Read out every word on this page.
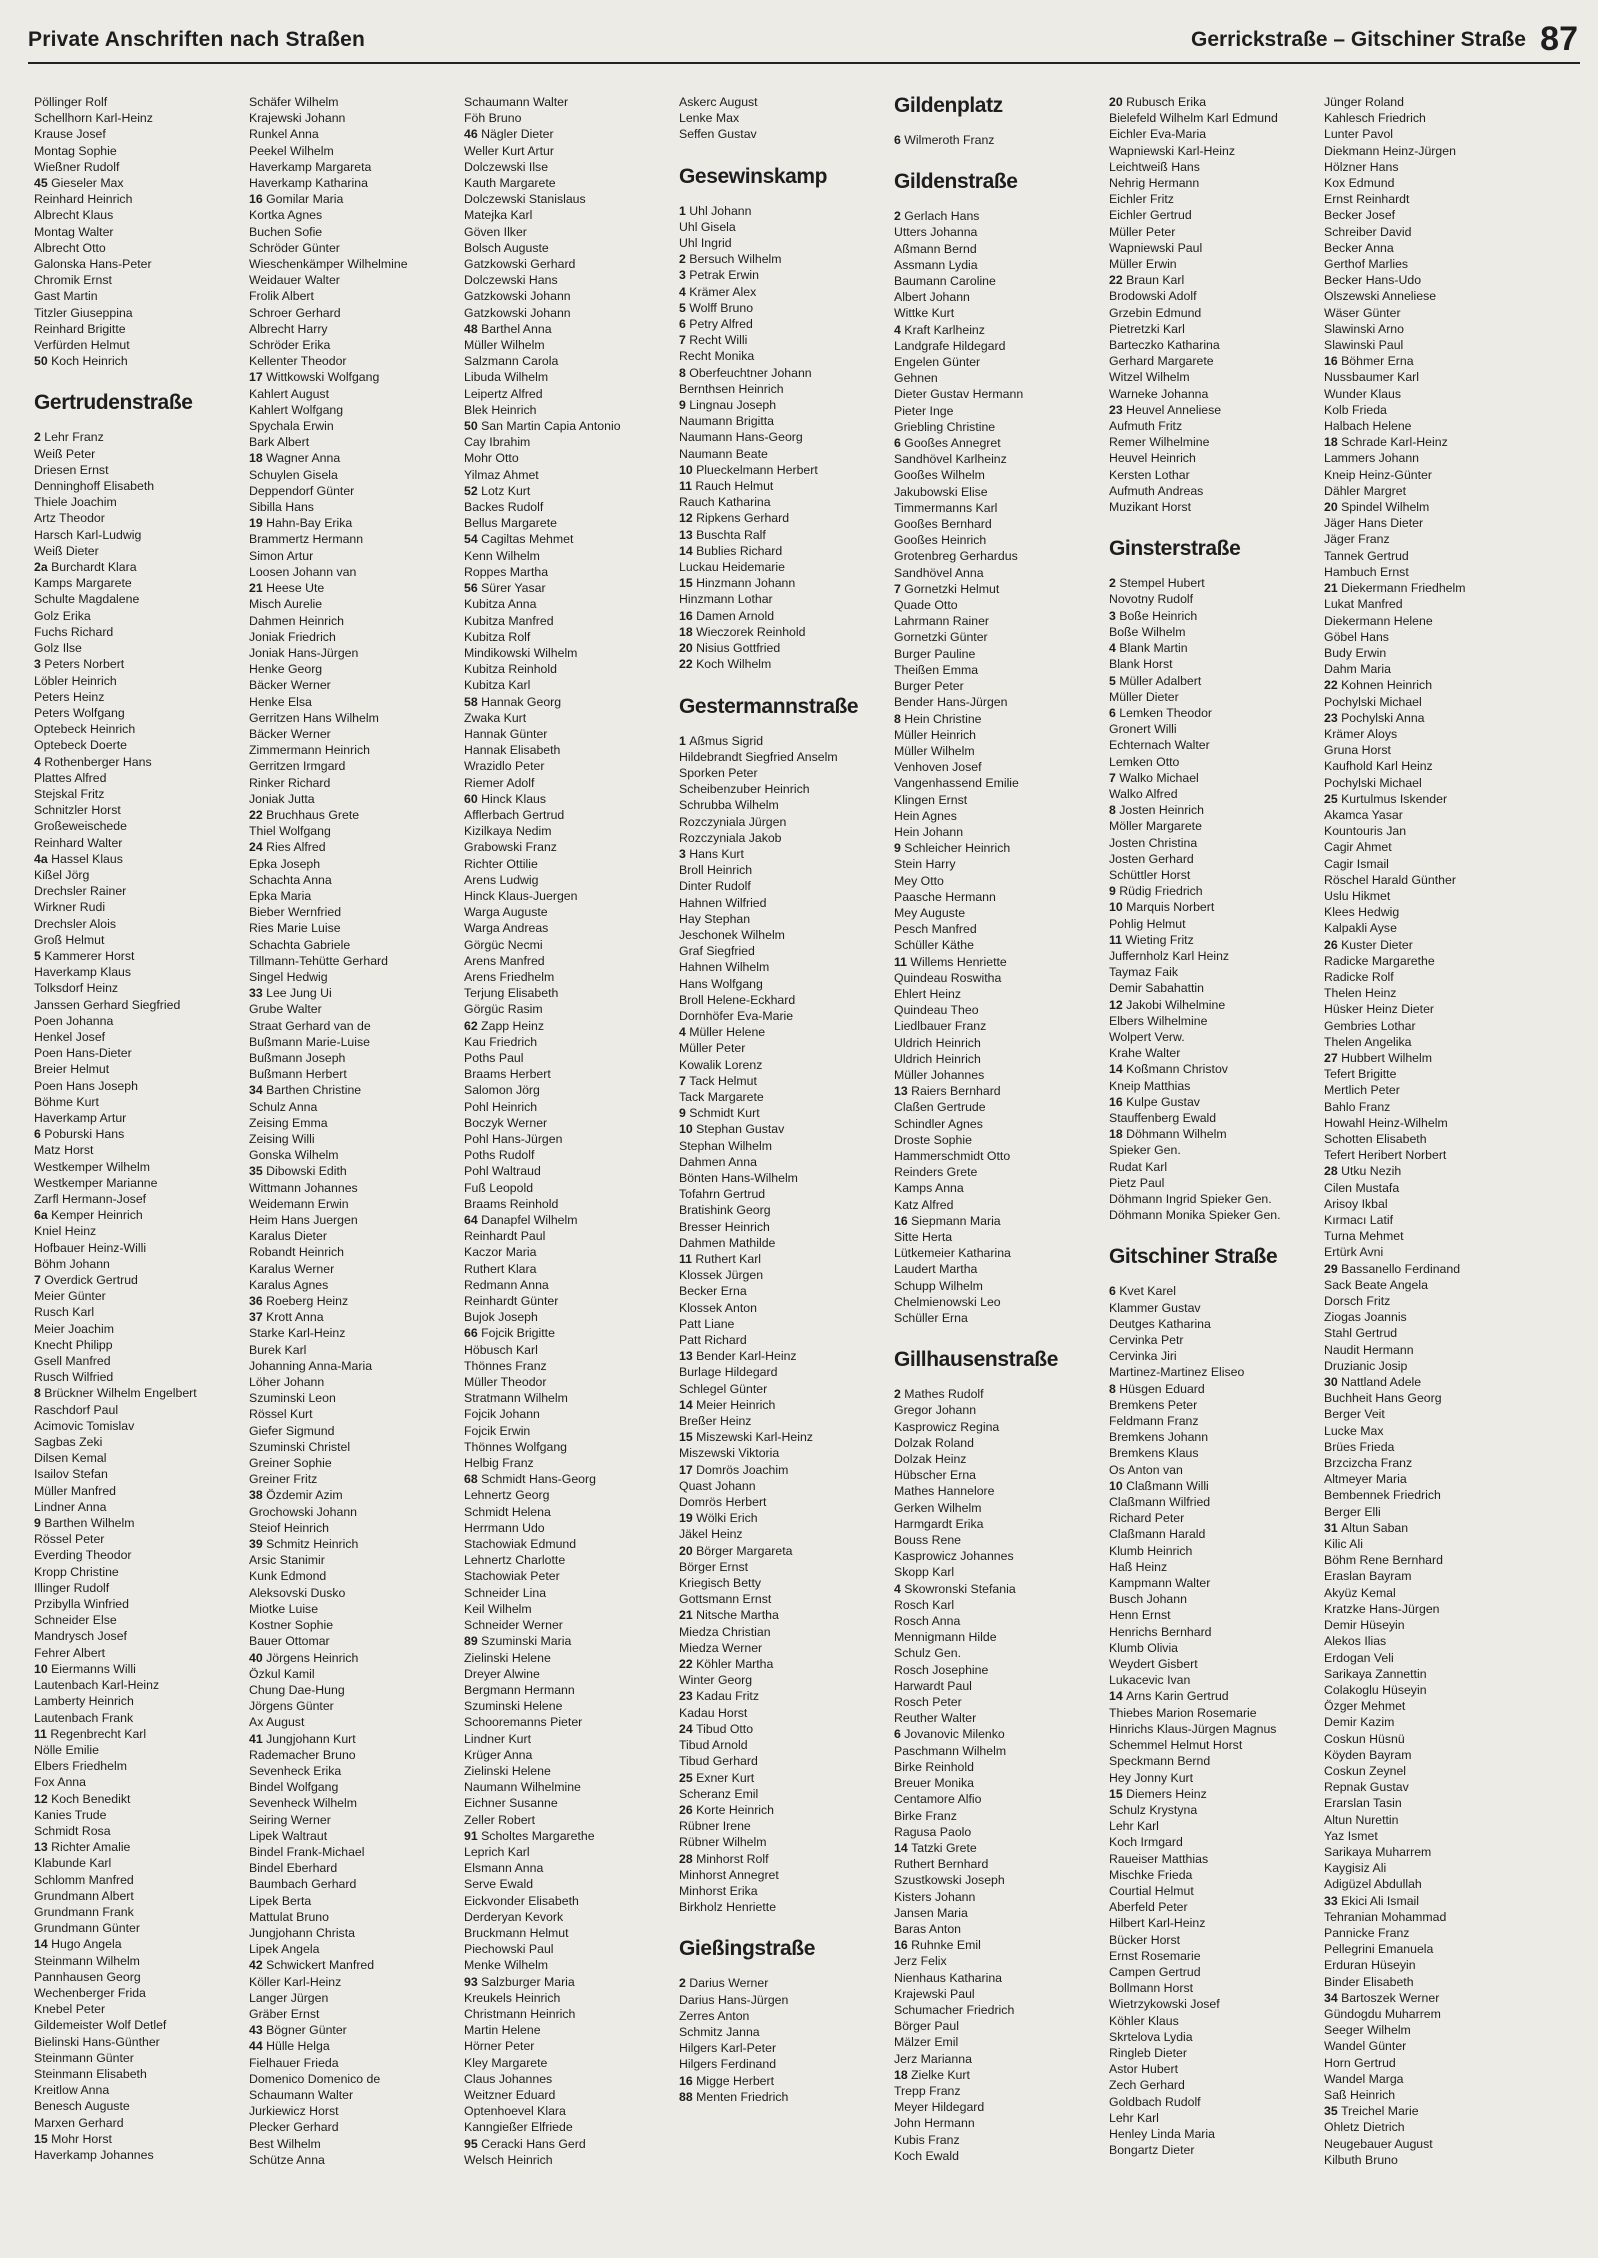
Private Anschriften nach Straßen	Gerrickstraße – Gitschiner Straße 87
Pöllinger Rolf
Schellhorn Karl-Heinz
Krause Josef
Montag Sophie
Wießner Rudolf
45 Gieseler Max
Reinhard Heinrich
Albrecht Klaus
Montag Walter
Albrecht Otto
Galonska Hans-Peter
Chromik Ernst
Gast Martin
Titzler Giuseppina
Reinhard Brigitte
Verfürden Helmut
50 Koch Heinrich
Gertrudenstraße
2 Lehr Franz
Weiß Peter
Driesen Ernst
Denninghoff Elisabeth
Thiele Joachim
Artz Theodor
Harsch Karl-Ludwig
Weiß Dieter
2a Burchardt Klara
Kamps Margarete
Schulte Magdalene
Golz Erika
Fuchs Richard
Golz Ilse
3 Peters Norbert
Löbler Heinrich
Peters Heinz
Peters Wolfgang
Optebeck Heinrich
Optebeck Doerte
4 Rothenberger Hans
Plattes Alfred
Stejskal Fritz
Schnitzler Horst
Großeweischede
Reinhard Walter
4a Hassel Klaus
Kißel Jörg
Drechsler Rainer
Wirkner Rudi
Drechsler Alois
Groß Helmut
5 Kammerer Horst
Haverkamp Klaus
Tolksdorf Heinz
Janssen Gerhard Siegfried
Poen Johanna
Henkel Josef
Poen Hans-Dieter
Breier Helmut
Poen Hans Joseph
Böhme Kurt
Haverkamp Artur
6 Poburski Hans
Matz Horst
Westkemper Wilhelm
Westkemper Marianne
Zarfl Hermann-Josef
6a Kemper Heinrich
Kniel Heinz
Hofbauer Heinz-Willi
Böhm Johann
7 Overdick Gertrud
Meier Günter
Rusch Karl
Meier Joachim
Knecht Philipp
Gsell Manfred
Rusch Wilfried
8 Brückner Wilhelm Engelbert
Raschdorf Paul
Acimovic Tomislav
Sagbas Zeki
Dilsen Kemal
Isailov Stefan
Müller Manfred
Lindner Anna
9 Barthen Wilhelm
Rössel Peter
Everding Theodor
Kropp Christine
Illinger Rudolf
Przibylla Winfried
Schneider Else
Mandrysch Josef
Fehrer Albert
10 Eiermanns Willi
Lautenbach Karl-Heinz
Lamberty Heinrich
Lautenbach Frank
11 Regenbrecht Karl
Nölle Emilie
Elbers Friedhelm
Fox Anna
12 Koch Benedikt
Kanies Trude
Schmidt Rosa
13 Richter Amalie
Klabunde Karl
Schlomm Manfred
Grundmann Albert
Grundmann Frank
Grundmann Günter
14 Hugo Angela
Steinmann Wilhelm
Pannhausen Georg
Wechenberger Frida
Knebel Peter
Gildemeister Wolf Detlef
Bielinski Hans-Günther
Steinmann Günter
Steinmann Elisabeth
Kreitlow Anna
Benesch Auguste
Marxen Gerhard
15 Mohr Horst
Haverkamp Johannes
Schäfer Wilhelm
Krajewski Johann
Runkel Anna
Peekel Wilhelm
Haverkamp Margareta
Haverkamp Katharina
16 Gomilar Maria
Kortka Agnes
Buchen Sofie
Schröder Günter
Wieschenkämper Wilhelmine
Weidauer Walter
Frolik Albert
Schroer Gerhard
Albrecht Harry
Schröder Erika
Kellenter Theodor
17 Wittkowski Wolfgang
Kahlert August
Kahlert Wolfgang
Spychala Erwin
Bark Albert
18 Wagner Anna
Schuylen Gisela
Deppendorf Günter
Sibilla Hans
19 Hahn-Bay Erika
Brammertz Hermann
Simon Artur
Loosen Johann van
21 Heese Ute
Misch Aurelie
Dahmen Heinrich
Joniak Friedrich
Joniak Hans-Jürgen
Henke Georg
Bäcker Werner
Henke Elsa
Gerritzen Hans Wilhelm
Bäcker Werner
Zimmermann Heinrich
Gerritzen Irmgard
Rinker Richard
Joniak Jutta
22 Bruchhaus Grete
Thiel Wolfgang
24 Ries Alfred
Epka Joseph
Schachta Anna
Epka Maria
Bieber Wernfried
Ries Marie Luise
Schachta Gabriele
Tillmann-Tehütte Gerhard
Singel Hedwig
33 Lee Jung Ui
Grube Walter
Straat Gerhard van de
Bußmann Marie-Luise
Bußmann Joseph
Bußmann Herbert
34 Barthen Christine
Schulz Anna
Zeising Emma
Zeising Willi
Gonska Wilhelm
35 Dibowski Edith
Wittmann Johannes
Weidemann Erwin
Heim Hans Juergen
Karalus Dieter
Robandt Heinrich
Karalus Werner
Karalus Agnes
36 Roeberg Heinz
37 Krott Anna
Starke Karl-Heinz
Burek Karl
Johanning Anna-Maria
Löher Johann
Szuminski Leon
Rössel Kurt
Giefer Sigmund
Szuminski Christel
Greiner Sophie
Greiner Fritz
38 Özdemir Azim
Grochowski Johann
Steiof Heinrich
39 Schmitz Heinrich
Arsic Stanimir
Kunk Edmond
Aleksovski Dusko
Miotke Luise
Kostner Sophie
Bauer Ottomar
40 Jörgens Heinrich
Özkul Kamil
Chung Dae-Hung
Jörgens Günter
Ax August
41 Jungjohann Kurt
Rademacher Bruno
Sevenheck Erika
Bindel Wolfgang
Sevenheck Wilhelm
Seiring Werner
Lipek Waltraut
Bindel Frank-Michael
Bindel Eberhard
Baumbach Gerhard
Lipek Berta
Mattulat Bruno
Jungjohann Christa
Lipek Angela
42 Schwickert Manfred
Köller Karl-Heinz
Langer Jürgen
Gräber Ernst
43 Bögner Günter
44 Hülle Helga
Fielhauer Frieda
Domenico Domenico de
Schaumann Walter
Jurkiewicz Horst
Plecker Gerhard
Best Wilhelm
Schütze Anna
Schaumann Walter
Föh Bruno
46 Nägler Dieter
Weller Kurt Artur
Dolczewski Ilse
Kauth Margarete
Dolczewski Stanislaus
Matejka Karl
Göven Ilker
Bolsch Auguste
Gatzkowski Gerhard
Dolczewski Hans
Gatzkowski Johann
Gatzkowski Johann
48 Barthel Anna
Müller Wilhelm
Salzmann Carola
Libuda Wilhelm
Leipertz Alfred
Blek Heinrich
50 San Martin Capia Antonio
Cay Ibrahim
Mohr Otto
Yilmaz Ahmet
52 Lotz Kurt
Backes Rudolf
Bellus Margarete
54 Cagiltas Mehmet
Kenn Wilhelm
Roppes Martha
56 Sürer Yasar
Kubitza Anna
Kubitza Manfred
Kubitza Rolf
Mindikowski Wilhelm
Kubitza Reinhold
Kubitza Karl
58 Hannak Georg
Zwaka Kurt
Hannak Günter
Hannak Elisabeth
Wrazidlo Peter
Riemer Adolf
60 Hinck Klaus
Afflerbach Gertrud
Kizilkaya Nedim
Grabowski Franz
Richter Ottilie
Arens Ludwig
Hinck Klaus-Juergen
Warga Auguste
Warga Andreas
Görgüc Necmi
Arens Manfred
Arens Friedhelm
Terjung Elisabeth
Görgüc Rasim
62 Zapp Heinz
Kau Friedrich
Poths Paul
Braams Herbert
Salomon Jörg
Pohl Heinrich
Boczyk Werner
Pohl Hans-Jürgen
Poths Rudolf
Pohl Waltraud
Fuß Leopold
Braams Reinhold
64 Danapfel Wilhelm
Reinhardt Paul
Kaczor Maria
Ruthert Klara
Redmann Anna
Reinhardt Günter
Bujok Joseph
66 Fojcik Brigitte
Höbusch Karl
Thönnes Franz
Müller Theodor
Stratmann Wilhelm
Fojcik Johann
Fojcik Erwin
Thönnes Wolfgang
Helbig Franz
68 Schmidt Hans-Georg
Lehnertz Georg
Schmidt Helena
Herrmann Udo
Stachowiak Edmund
Lehnertz Charlotte
Stachowiak Peter
Schneider Lina
Keil Wilhelm
Schneider Werner
89 Szuminski Maria
Zielinski Helene
Dreyer Alwine
Bergmann Hermann
Szuminski Helene
Schooremanns Pieter
Lindner Kurt
Krüger Anna
Zielinski Helene
Naumann Wilhelmine
Eichner Susanne
Zeller Robert
91 Scholtes Margarethe
Leprich Karl
Elsmann Anna
Serve Ewald
Eickvonder Elisabeth
Derderyan Kevork
Bruckmann Helmut
Piechowski Paul
Menke Wilhelm
93 Salzburger Maria
Kreukels Heinrich
Christmann Heinrich
Martin Helene
Hörner Peter
Kley Margarete
Claus Johannes
Weitzner Eduard
Optenhoevel Klara
Kanngießer Elfriede
95 Ceracki Hans Gerd
Welsch Heinrich
Askerc August
Lenke Max
Seffen Gustav
Gesewinskamp
1 Uhl Johann
Uhl Gisela
Uhl Ingrid
2 Bersuch Wilhelm
3 Petrak Erwin
4 Krämer Alex
5 Wolff Bruno
6 Petry Alfred
7 Recht Willi
Recht Monika
8 Oberfeuchtner Johann
Bernthsen Heinrich
9 Lingnau Joseph
Naumann Brigitta
Naumann Hans-Georg
Naumann Beate
10 Plueckelmann Herbert
11 Rauch Helmut
Rauch Katharina
12 Ripkens Gerhard
13 Buschta Ralf
14 Bublies Richard
Luckau Heidemarie
15 Hinzmann Johann
Hinzmann Lothar
16 Damen Arnold
18 Wieczorek Reinhold
20 Nisius Gottfried
22 Koch Wilhelm
Gestermannstraße
1 Aßmus Sigrid
Hildebrandt Siegfried Anselm
Sporken Peter
Scheibenzuber Heinrich
Schrubba Wilhelm
Rozczyniala Jürgen
Rozczyniala Jakob
3 Hans Kurt
Broll Heinrich
Dinter Rudolf
Hahnen Wilfried
Hay Stephan
Jeschonek Wilhelm
Graf Siegfried
Hahnen Wilhelm
Hans Wolfgang
Broll Helene-Eckhard
Dornhöfer Eva-Marie
4 Müller Helene
Müller Peter
Kowalik Lorenz
7 Tack Helmut
Tack Margarete
9 Schmidt Kurt
10 Stephan Gustav
Stephan Wilhelm
Dahmen Anna
Bönten Hans-Wilhelm
Tofahrn Gertrud
Bratishink Georg
Bresser Heinrich
Dahmen Mathilde
11 Ruthert Karl
Klossek Jürgen
Becker Erna
Klossek Anton
Patt Liane
Patt Richard
13 Bender Karl-Heinz
Burlage Hildegard
Schlegel Günter
14 Meier Heinrich
Breßer Heinz
15 Miszewski Karl-Heinz
Miszewski Viktoria
17 Domrös Joachim
Quast Johann
Domrös Herbert
19 Wölki Erich
Jäkel Heinz
20 Börger Margareta
Börger Ernst
Kriegisch Betty
Gottsmann Ernst
21 Nitsche Martha
Miedza Christian
Miedza Werner
22 Köhler Martha
Winter Georg
23 Kadau Fritz
Kadau Horst
24 Tibud Otto
Tibud Arnold
Tibud Gerhard
25 Exner Kurt
Scheranz Emil
26 Korte Heinrich
Rübner Irene
Rübner Wilhelm
28 Minhorst Rolf
Minhorst Annegret
Minhorst Erika
Birkholz Henriette
Gießingstraße
2 Darius Werner
Darius Hans-Jürgen
Zerres Anton
Schmitz Janna
Hilgers Karl-Peter
Hilgers Ferdinand
16 Migge Herbert
88 Menten Friedrich
Gildenplatz
6 Wilmeroth Franz
Gildenstraße
2 Gerlach Hans
Utters Johanna
Aßmann Bernd
Assmann Lydia
Baumann Caroline
Albert Johann
Wittke Kurt
4 Kraft Karlheinz
Landgrafe Hildegard
Engelen Günter
Gehnen
Dieter Gustav Hermann
Pieter Inge
Griebling Christine
6 Gooßes Annegret
Sandhövel Karlheinz
Gooßes Wilhelm
Jakubowski Elise
Timmermanns Karl
Gooßes Bernhard
Gooßes Heinrich
Grotenbreg Gerhardus
Sandhövel Anna
7 Gornetzki Helmut
Quade Otto
Lahrmann Rainer
Gornetzki Günter
Burger Pauline
Theißen Emma
Burger Peter
Bender Hans-Jürgen
8 Hein Christine
Müller Heinrich
Müller Wilhelm
Venhoven Josef
Vangenhassend Emilie
Klingen Ernst
Hein Agnes
Hein Johann
9 Schleicher Heinrich
Stein Harry
Mey Otto
Paasche Hermann
Mey Auguste
Pesch Manfred
Schüller Käthe
11 Willems Henriette
Quindeau Roswitha
Ehlert Heinz
Quindeau Theo
Liedlbauer Franz
Uldrich Heinrich
Uldrich Heinrich
Müller Johannes
13 Raiers Bernhard
Claßen Gertrude
Schindler Agnes
Droste Sophie
Hammerschmidt Otto
Reinders Grete
Kamps Anna
Katz Alfred
16 Siepmann Maria
Sitte Herta
Lütkemeier Katharina
Laudert Martha
Schupp Wilhelm
Chelmienowski Leo
Schüller Erna
Gillhausenstraße
2 Mathes Rudolf
Gregor Johann
Kasprowicz Regina
Dolzak Roland
Dolzak Heinz
Hübscher Erna
Mathes Hannelore
Gerken Wilhelm
Harmgardt Erika
Bouss Rene
Kasprowicz Johannes
Skopp Karl
4 Skowronski Stefania
Rosch Karl
Rosch Anna
Mennigmann Hilde
Schulz Gen.
Rosch Josephine
Harwardt Paul
Rosch Peter
Reuther Walter
6 Jovanovic Milenko
Paschmann Wilhelm
Birke Reinhold
Breuer Monika
Centamore Alfio
Birke Franz
Ragusa Paolo
14 Tatzki Grete
Ruthert Bernhard
Szustkowski Joseph
Kisters Johann
Jansen Maria
Baras Anton
16 Ruhnke Emil
Jerz Felix
Nienhaus Katharina
Krajewski Paul
Schumacher Friedrich
Börger Paul
Mälzer Emil
Jerz Marianna
18 Zielke Kurt
Trepp Franz
Meyer Hildegard
John Hermann
Kubis Franz
Koch Ewald
20 Rubusch Erika
Bielefeld Wilhelm Karl Edmund
Eichler Eva-Maria
Wapniewski Karl-Heinz
Leichtweiß Hans
Nehrig Hermann
Eichler Fritz
Eichler Gertrud
Müller Peter
Wapniewski Paul
Müller Erwin
22 Braun Karl
Brodowski Adolf
Grzebin Edmund
Pietretzki Karl
Barteczko Katharina
Gerhard Margarete
Witzel Wilhelm
Warneke Johanna
23 Heuvel Anneliese
Aufmuth Fritz
Remer Wilhelmine
Heuvel Heinrich
Kersten Lothar
Aufmuth Andreas
Muzikant Horst
Ginsterstraße
2 Stempel Hubert
Novotny Rudolf
3 Boße Heinrich
Boße Wilhelm
4 Blank Martin
Blank Horst
5 Müller Adalbert
Müller Dieter
6 Lemken Theodor
Gronert Willi
Echternach Walter
Lemken Otto
7 Walko Michael
Walko Alfred
8 Josten Heinrich
Möller Margarete
Josten Christina
Josten Gerhard
Schüttler Horst
9 Rüdig Friedrich
10 Marquis Norbert
Pohlig Helmut
11 Wieting Fritz
Juffernholz Karl Heinz
Taymaz Faik
Demir Sabahattin
12 Jakobi Wilhelmine
Elbers Wilhelmine
Wolpert Verw.
Krahe Walter
14 Koßmann Christov
Kneip Matthias
16 Kulpe Gustav
Stauffenberg Ewald
18 Döhmann Wilhelm
Spieker Gen.
Rudat Karl
Pietz Paul
Döhmann Ingrid Spieker Gen.
Döhmann Monika Spieker Gen.
Gitschiner Straße
6 Kvet Karel
Klammer Gustav
Deutges Katharina
Cervinka Petr
Cervinka Jiri
Martinez-Martinez Eliseo
8 Hüsgen Eduard
Bremkens Peter
Feldmann Franz
Bremkens Johann
Bremkens Klaus
Os Anton van
10 Claßmann Willi
Claßmann Wilfried
Richard Peter
Claßmann Harald
Klumb Heinrich
Haß Heinz
Kampmann Walter
Busch Johann
Henn Ernst
Henrichs Bernhard
Klumb Olivia
Weydert Gisbert
Lukacevic Ivan
14 Arns Karin Gertrud
Thiebes Marion Rosemarie
Hinrichs Klaus-Jürgen Magnus
Schemmel Helmut Horst
Speckmann Bernd
Hey Jonny Kurt
15 Diemers Heinz
Schulz Krystyna
Lehr Karl
Koch Irmgard
Raueiser Matthias
Mischke Frieda
Courtial Helmut
Aberfeld Peter
Hilbert Karl-Heinz
Bücker Horst
Ernst Rosemarie
Campen Gertrud
Bollmann Horst
Wietrzykowski Josef
Köhler Klaus
Skrtelova Lydia
Ringleb Dieter
Astor Hubert
Zech Gerhard
Goldbach Rudolf
Lehr Karl
Henley Linda Maria
Bongartz Dieter
Jünger Roland
Kahlesch Friedrich
Lunter Pavol
Diekmann Heinz-Jürgen
Hölzner Hans
Kox Edmund
Ernst Reinhardt
Becker Josef
Schreiber David
Becker Anna
Gerthof Marlies
Becker Hans-Udo
Olszewski Anneliese
Wäser Günter
Slawinski Arno
Slawinski Paul
16 Böhmer Erna
Nussbaumer Karl
Wunder Klaus
Kolb Frieda
Halbach Helene
18 Schrade Karl-Heinz
Lammers Johann
Kneip Heinz-Günter
Dähler Margret
20 Spindel Wilhelm
Jäger Hans Dieter
Jäger Franz
Tannek Gertrud
Hambuch Ernst
21 Diekermann Friedhelm
Lukat Manfred
Diekermann Helene
Göbel Hans
Budy Erwin
Dahm Maria
22 Kohnen Heinrich
Pochylski Michael
23 Pochylski Anna
Krämer Aloys
Gruna Horst
Kaufhold Karl Heinz
Pochylski Michael
25 Kurtulmus Iskender
Akamca Yasar
Kountouris Jan
Cagir Ahmet
Cagir Ismail
Röschel Harald Günther
Uslu Hikmet
Klees Hedwig
Kalpakli Ayse
26 Kuster Dieter
Radicke Margarethe
Radicke Rolf
Thelen Heinz
Hüsker Heinz Dieter
Gembries Lothar
Thelen Angelika
27 Hubbert Wilhelm
Tefert Brigitte
Mertlich Peter
Bahlo Franz
Howahl Heinz-Wilhelm
Schotten Elisabeth
Tefert Heribert Norbert
28 Utku Nezih
Cilen Mustafa
Arisoy Ikbal
Kırmacı Latif
Turna Mehmet
Ertürk Avni
29 Bassanello Ferdinand
Sack Beate Angela
Dorsch Fritz
Ziogas Joannis
Stahl Gertrud
Naudit Hermann
Druzianic Josip
30 Nattland Adele
Buchheit Hans Georg
Berger Veit
Lucke Max
Brües Frieda
Brzcizcha Franz
Altmeyer Maria
Bembennek Friedrich
Berger Elli
31 Altun Saban
Kilic Ali
Böhm Rene Bernhard
Eraslan Bayram
Akyüz Kemal
Kratzke Hans-Jürgen
Demir Hüseyin
Alekos Ilias
Erdogan Veli
Sarikaya Zannettin
Colakoglu Hüseyin
Özger Mehmet
Demir Kazim
Coskun Hüsnü
Köyden Bayram
Coskun Zeynel
Repnak Gustav
Erarslan Tasin
Altun Nurettin
Yaz Ismet
Sarikaya Muharrem
Kaygisiz Ali
Adigüzel Abdullah
33 Ekici Ali Ismail
Tehranian Mohammad
Pannicke Franz
Pellegrini Emanuela
Erduran Hüseyin
Binder Elisabeth
34 Bartoszek Werner
Gündogdu Muharrem
Seeger Wilhelm
Wandel Günter
Horn Gertrud
Wandel Marga
Saß Heinrich
35 Treichel Marie
Ohletz Dietrich
Neugebauer August
Kilbuth Bruno
